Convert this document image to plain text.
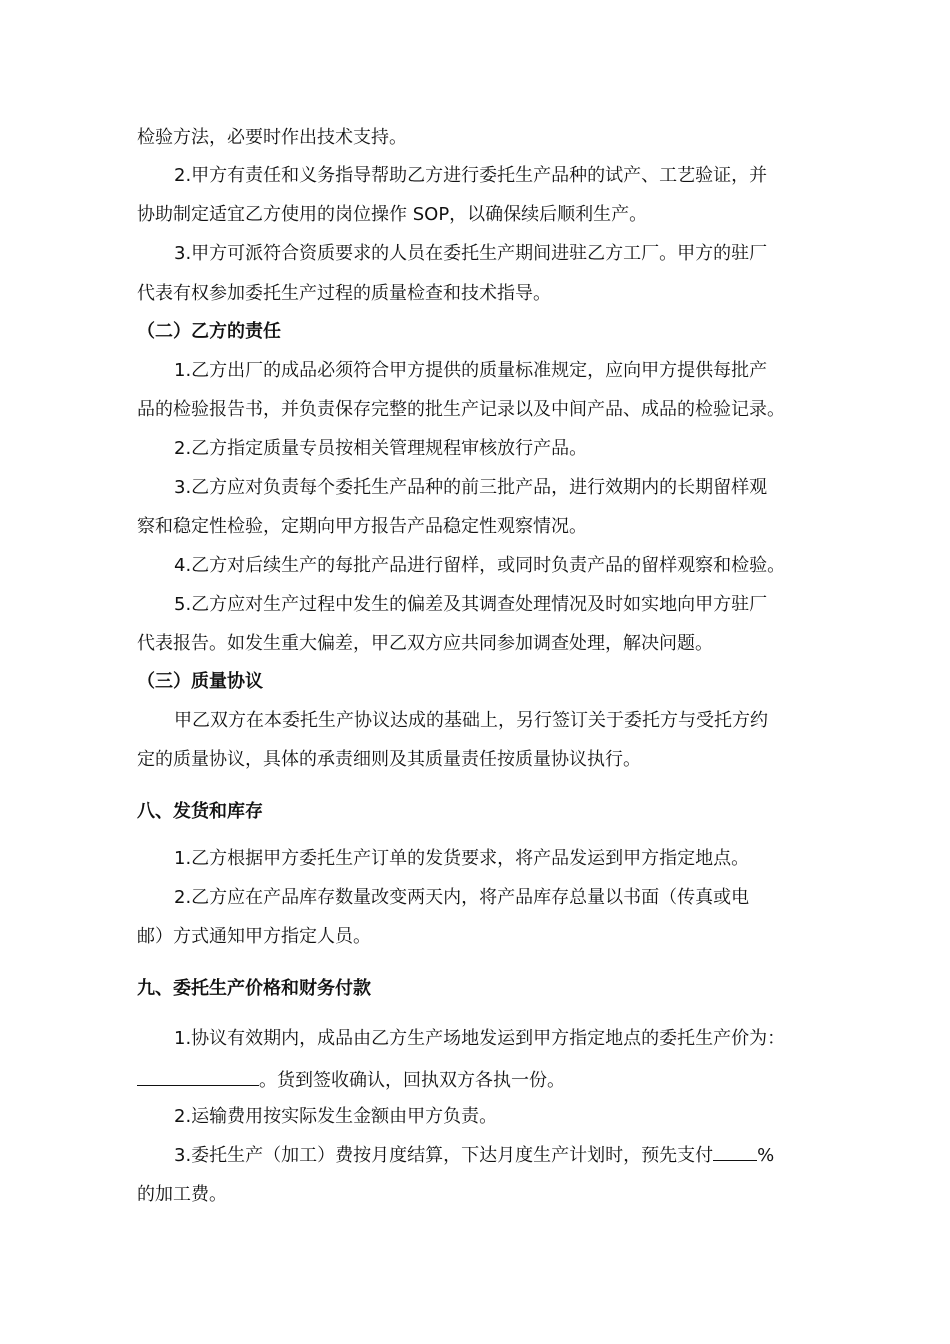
检验方法，必要时作出技术支持。
2.甲方有责任和义务指导帮助乙方进行委托生产品种的试产、工艺验证，并
协助制定适宜乙方使用的岗位操作 SOP，以确保续后顺利生产。
3.甲方可派符合资质要求的人员在委托生产期间进驻乙方工厂。甲方的驻厂
代表有权参加委托生产过程的质量检查和技术指导。
（二）乙方的责任
1.乙方出厂的成品必须符合甲方提供的质量标准规定，应向甲方提供每批产
品的检验报告书，并负责保存完整的批生产记录以及中间产品、成品的检验记录。
2.乙方指定质量专员按相关管理规程审核放行产品。
3.乙方应对负责每个委托生产品种的前三批产品，进行效期内的长期留样观
察和稳定性检验，定期向甲方报告产品稳定性观察情况。
4.乙方对后续生产的每批产品进行留样，或同时负责产品的留样观察和检验。
5.乙方应对生产过程中发生的偏差及其调查处理情况及时如实地向甲方驻厂
代表报告。如发生重大偏差，甲乙双方应共同参加调查处理，解决问题。
（三）质量协议
甲乙双方在本委托生产协议达成的基础上，另行签订关于委托方与受托方约
定的质量协议，具体的承责细则及其质量责任按质量协议执行。
八、发货和库存
1.乙方根据甲方委托生产订单的发货要求，将产品发运到甲方指定地点。
2.乙方应在产品库存数量改变两天内，将产品库存总量以书面（传真或电
邮）方式通知甲方指定人员。
九、委托生产价格和财务付款
1.协议有效期内，成品由乙方生产场地发运到甲方指定地点的委托生产价为：
。货到签收确认，回执双方各执一份。
2.运输费用按实际发生金额由甲方负责。
3.委托生产（加工）费按月度结算，下达月度生产计划时，预先支付 %
的加工费。
